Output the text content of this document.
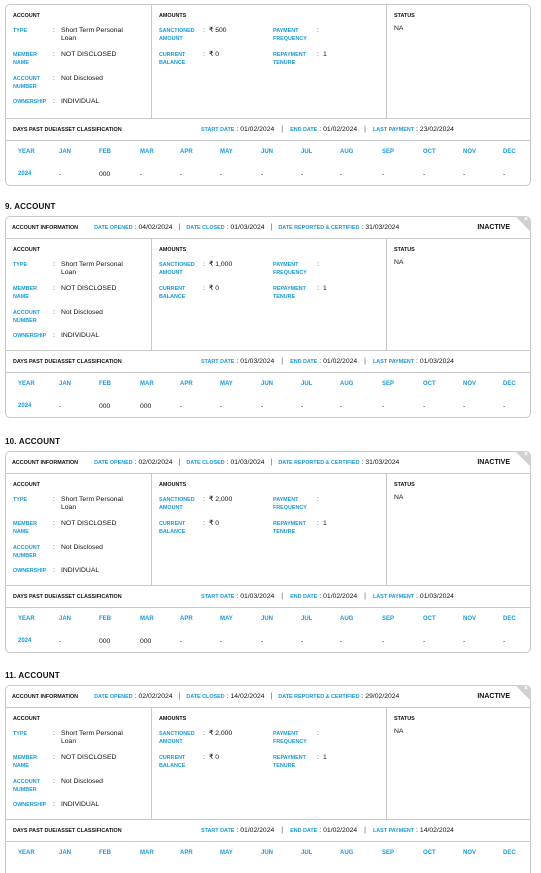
ACCOUNT
TYPE	: Short Term Personal Loan
MEMBER NAME
: NOT DISCLOSED
ACCOUNT NUMBER
: Not Disclosed
OWNERSHIP : INDIVIDUAL
AMOUNTS
SANCTIONED AMOUNT
: ₹ 500
CURRENT BALANCE
: ₹ 0
PAYMENT FREQUENCY
:
REPAYMENT TENURE
: 1
STATUS
NA
DAYS PAST DUE/ASSET CLASSIFICATION	START DATE : 01/02/2024 | END DATE : 01/02/2024 | LAST PAYMENT : 23/02/2024
YEAR	JAN	FEB	MAR	APR	MAY	JUN	JUL	AUG	SEP	OCT	NOV	DEC
2024	-	000	-	-	-	-	-	-	-	-	-	-
9. ACCOUNT
ACCOUNT INFORMATION	DATE OPENED : 04/02/2024 | DATE CLOSED : 01/03/2024 | DATE REPORTED & CERTIFIED : 31/03/2024	INACTIVE
×
ACCOUNT
TYPE	: Short Term Personal Loan
MEMBER NAME
: NOT DISCLOSED
ACCOUNT NUMBER
: Not Disclosed
OWNERSHIP : INDIVIDUAL
AMOUNTS
SANCTIONED AMOUNT
: ₹ 1,000
CURRENT BALANCE
: ₹ 0
PAYMENT FREQUENCY
:
REPAYMENT TENURE
: 1
STATUS
NA
DAYS PAST DUE/ASSET CLASSIFICATION	START DATE : 01/03/2024 | END DATE : 01/02/2024 | LAST PAYMENT : 01/03/2024
YEAR	JAN	FEB	MAR	APR	MAY	JUN	JUL	AUG	SEP	OCT	NOV	DEC
2024	-	000	000	-	-	-	-	-	-	-	-	-
10. ACCOUNT
ACCOUNT INFORMATION	DATE OPENED : 02/02/2024 | DATE CLOSED : 01/03/2024 | DATE REPORTED & CERTIFIED : 31/03/2024	INACTIVE
×
ACCOUNT
TYPE	: Short Term Personal Loan
MEMBER NAME
: NOT DISCLOSED
ACCOUNT NUMBER
: Not Disclosed
OWNERSHIP : INDIVIDUAL
AMOUNTS
SANCTIONED AMOUNT
: ₹ 2,000
CURRENT BALANCE
: ₹ 0
PAYMENT FREQUENCY
:
REPAYMENT TENURE
: 1
STATUS
NA
DAYS PAST DUE/ASSET CLASSIFICATION	START DATE : 01/03/2024 | END DATE : 01/02/2024 | LAST PAYMENT : 01/03/2024
YEAR	JAN	FEB	MAR	APR	MAY	JUN	JUL	AUG	SEP	OCT	NOV	DEC
2024	-	000	000	-	-	-	-	-	-	-	-	-
11. ACCOUNT
ACCOUNT INFORMATION	DATE OPENED : 02/02/2024 | DATE CLOSED : 14/02/2024 | DATE REPORTED & CERTIFIED : 29/02/2024	INACTIVE
×
ACCOUNT
TYPE	: Short Term Personal Loan
MEMBER NAME
: NOT DISCLOSED
ACCOUNT NUMBER
: Not Disclosed
OWNERSHIP : INDIVIDUAL
AMOUNTS
SANCTIONED AMOUNT
: ₹ 2,000
CURRENT BALANCE
: ₹ 0
PAYMENT FREQUENCY
:
REPAYMENT TENURE
: 1
STATUS
NA
DAYS PAST DUE/ASSET CLASSIFICATION	START DATE : 01/02/2024 | END DATE : 01/02/2024 | LAST PAYMENT : 14/02/2024
YEAR	JAN	FEB	MAR	APR	MAY	JUN	JUL	AUG	SEP	OCT	NOV	DEC
